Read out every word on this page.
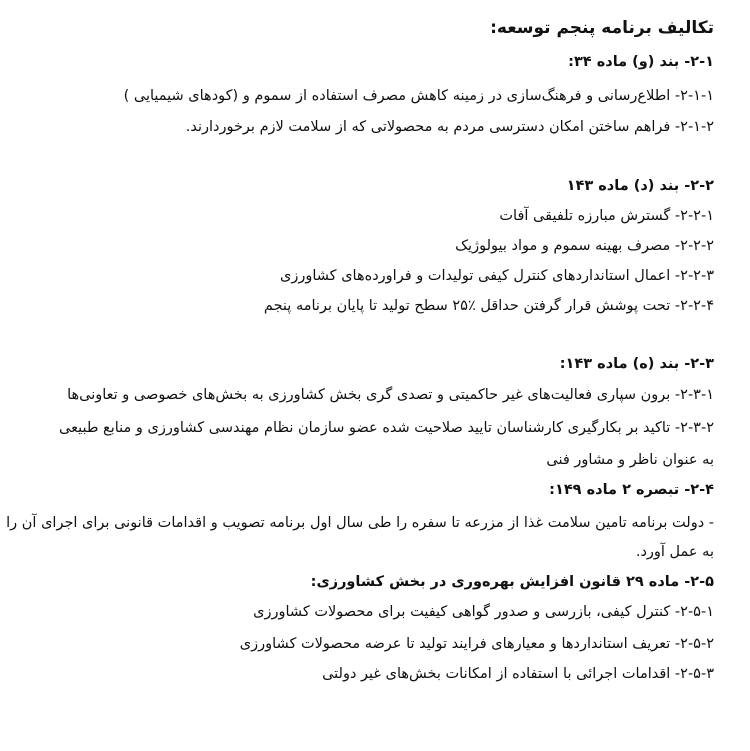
تکالیف برنامه پنجم توسعه:
۲-۱- بند (و) ماده ۳۴:
۲-۱-۱- اطلاع‌رسانی و فرهنگ‌سازی در زمینه کاهش مصرف استفاده از سموم و (کودهای شیمیایی )
۲-۱-۲- فراهم ساختن امکان دسترسی مردم به محصولاتی که از سلامت لازم برخوردارند.
۲-۲- بند (د) ماده ۱۴۳
۲-۲-۱- گسترش مبارزه تلفیقی آفات
۲-۲-۲- مصرف بهینه سموم و مواد بیولوژیک
۲-۲-۳- اعمال استانداردهای کنترل کیفی تولیدات و فراورده‌های کشاورزی
۲-۲-۴- تحت پوشش قرار گرفتن حداقل ٪۲۵ سطح تولید تا پایان برنامه پنجم
۲-۳- بند (ه) ماده ۱۴۳:
۲-۳-۱- برون سپاری فعالیت‌های غیر حاکمیتی و تصدی گری بخش کشاورزی به بخش‌های خصوصی و تعاونی‌ها
۲-۳-۲- تاکید بر بکارگیری کارشناسان تایید صلاحیت شده عضو سازمان نظام مهندسی کشاورزی و منابع طبیعی
به عنوان ناظر و مشاور فنی
۲-۴- تبصره ۲ ماده ۱۴۹:
- دولت برنامه تامین سلامت غذا از مزرعه تا سفره را طی سال اول برنامه تصویب و اقدامات قانونی برای اجرای آن را
به عمل آورد.
۲-۵- ماده ۲۹ قانون افزایش بهره‌وری در بخش کشاورزی:
۲-۵-۱- کنترل کیفی، بازرسی و صدور گواهی کیفیت برای محصولات کشاورزی
۲-۵-۲- تعریف استانداردها و معیارهای فرایند تولید تا عرضه محصولات کشاورزی
۲-۵-۳- اقدامات اجرائی با استفاده از امکانات بخش‌های غیر دولتی
